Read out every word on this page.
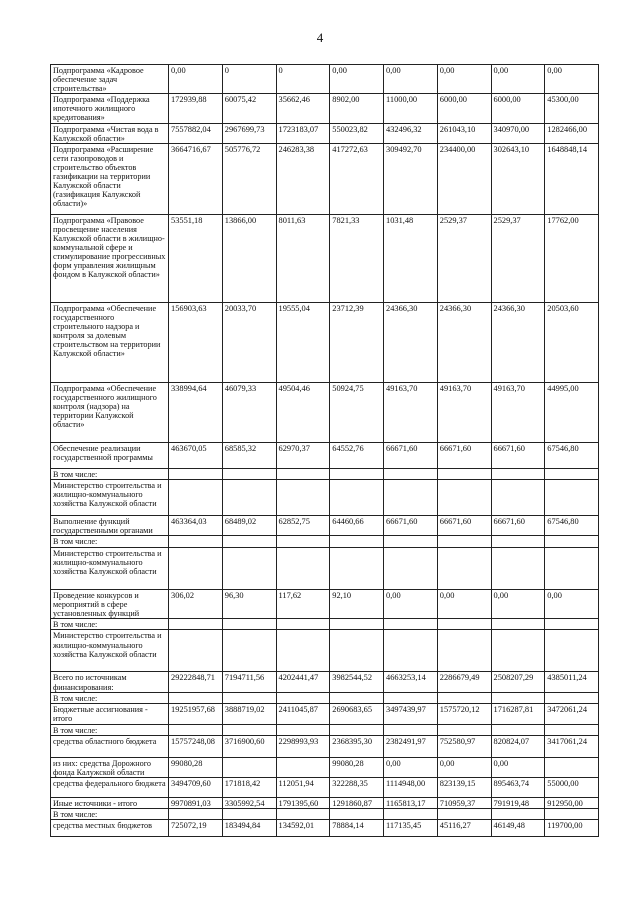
4
Подпрограмма «Кадровое обеспечение задач строительства»	0,00	0	0	0,00	0,00	0,00	0,00	0,00
Подпрограмма «Поддержка ипотечного жилищного кредитования»	172939,88	60075,42	35662,46	8902,00	11000,00	6000,00	6000,00	45300,00
Подпрограмма «Чистая вода в Калужской области»	7557882,04	2967699,73	1723183,07	550023,82	432496,32	261043,10	340970,00	1282466,00
Подпрограмма «Расширение сети газопроводов и строительство объектов газификации на территории Калужской области (газификация Калужской области)»	3664716,67	505776,72	246283,38	417272,63	309492,70	234400,00	302643,10	1648848,14
Подпрограмма «Правовое просвещение населения Калужской области в жилищно-коммунальной сфере и стимулирование прогрессивных форм управления жилищным фондом в Калужской области»	53551,18	13866,00	8011,63	7821,33	1031,48	2529,37	2529,37	17762,00
Подпрограмма «Обеспечение государственного строительного надзора и контроля за долевым строительством на территории Калужской области»	156903,63	20033,70	19555,04	23712,39	24366,30	24366,30	24366,30	20503,60
Подпрограмма «Обеспечение государственного жилищного контроля (надзора) на территории Калужской области»	338994,64	46079,33	49504,46	50924,75	49163,70	49163,70	49163,70	44995,00
Обеспечение реализации государственной программы	463670,05	68585,32	62970,37	64552,76	66671,60	66671,60	66671,60	67546,80
В том числе:								
Министерство строительства и жилищно-коммунального хозяйства Калужской области								
Выполнение функций государственными органами	463364,03	68489,02	62852,75	64460,66	66671,60	66671,60	66671,60	67546,80
В том числе:								
Министерство строительства и жилищно-коммунального хозяйства Калужской области								
Проведение конкурсов и мероприятий в сфере установленных функций	306,02	96,30	117,62	92,10	0,00	0,00	0,00	0,00
В том числе:								
Министерство строительства и жилищно-коммунального хозяйства Калужской области								
Всего по источникам финансирования:	29222848,71	7194711,56	4202441,47	3982544,52	4663253,14	2286679,49	2508207,29	4385011,24
В том числе:								
Бюджетные ассигнования - итого	19251957,68	3888719,02	2411045,87	2690683,65	3497439,97	1575720,12	1716287,81	3472061,24
В том числе:								
средства областного бюджета	15757248,08	3716900,60	2298993,93	2368395,30	2382491,97	752580,97	820824,07	3417061,24
из них: средства Дорожного фонда Калужской области	99080,28			99080,28	0,00	0,00	0,00	
средства федерального бюджета	3494709,60	171818,42	112051,94	322288,35	1114948,00	823139,15	895463,74	55000,00
Иные источники - итого	9970891,03	3305992,54	1791395,60	1291860,87	1165813,17	710959,37	791919,48	912950,00
В том числе:								
средства местных бюджетов	725072,19	183494,84	134592,01	78884,14	117135,45	45116,27	46149,48	119700,00
